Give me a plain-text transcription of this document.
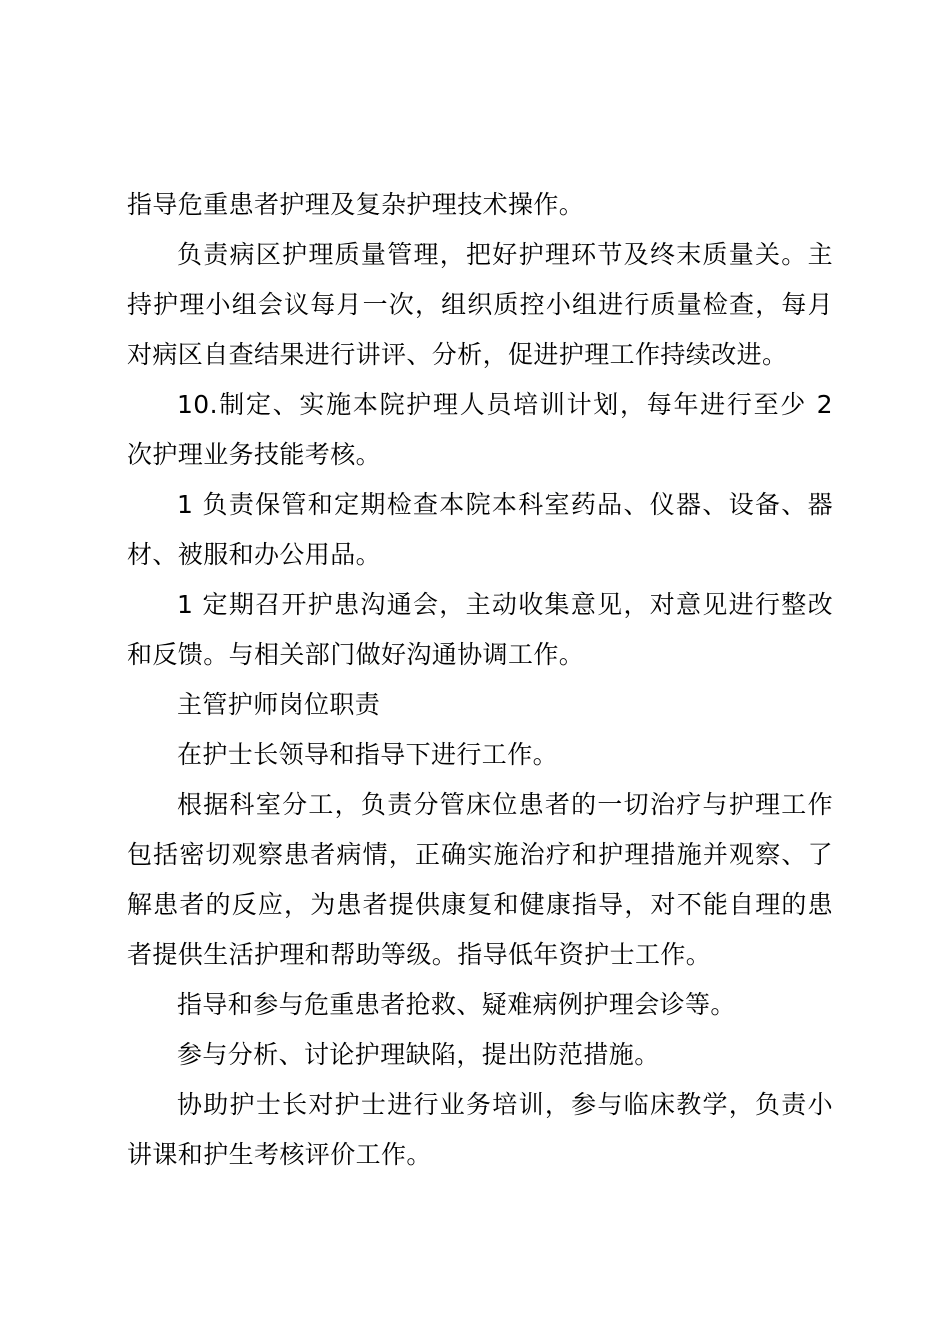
指导危重患者护理及复杂护理技术操作。

负责病区护理质量管理，把好护理环节及终末质量关。主持护理小组会议每月一次，组织质控小组进行质量检查，每月对病区自查结果进行讲评、分析，促进护理工作持续改进。

10.制定、实施本院护理人员培训计划，每年进行至少 2 次护理业务技能考核。

1 负责保管和定期检查本院本科室药品、仪器、设备、器材、被服和办公用品。

1 定期召开护患沟通会，主动收集意见，对意见进行整改和反馈。与相关部门做好沟通协调工作。

主管护师岗位职责

在护士长领导和指导下进行工作。

根据科室分工，负责分管床位患者的一切治疗与护理工作包括密切观察患者病情，正确实施治疗和护理措施并观察、了解患者的反应，为患者提供康复和健康指导，对不能自理的患者提供生活护理和帮助等级。指导低年资护士工作。

指导和参与危重患者抢救、疑难病例护理会诊等。

参与分析、讨论护理缺陷，提出防范措施。

协助护士长对护士进行业务培训，参与临床教学，负责小讲课和护生考核评价工作。
